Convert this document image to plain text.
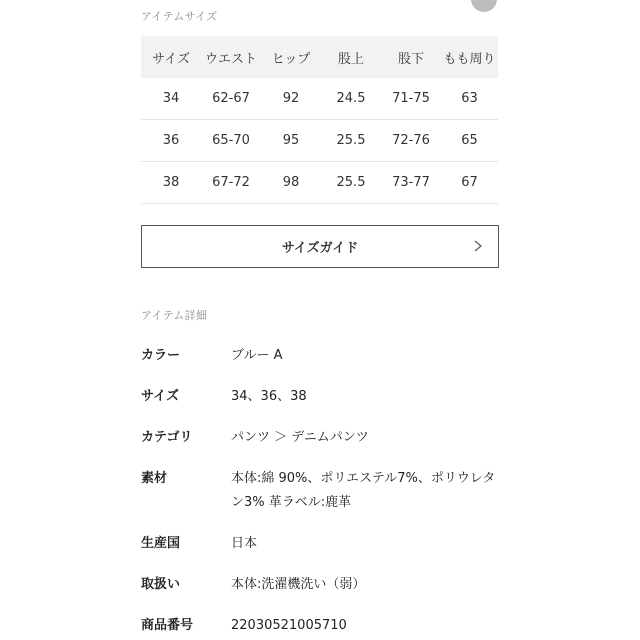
アイテムサイズ
サイズ	ウエスト	ヒップ	股上	股下	もも周り
34	62-67	92	24.5	71-75	63
36	65-70	95	25.5	72-76	65
38	67-72	98	25.5	73-77	67
サイズガイド
アイテム詳細
カラー	ブルー A
サイズ	34、36、38
カテゴリ	パンツ ＞ デニムパンツ
素材	本体:綿 90%、ポリエステル7%、ポリウレタン3% 革ラベル:鹿革
生産国	日本
取扱い	本体:洗濯機洗い（弱）
商品番号	22030521005710
